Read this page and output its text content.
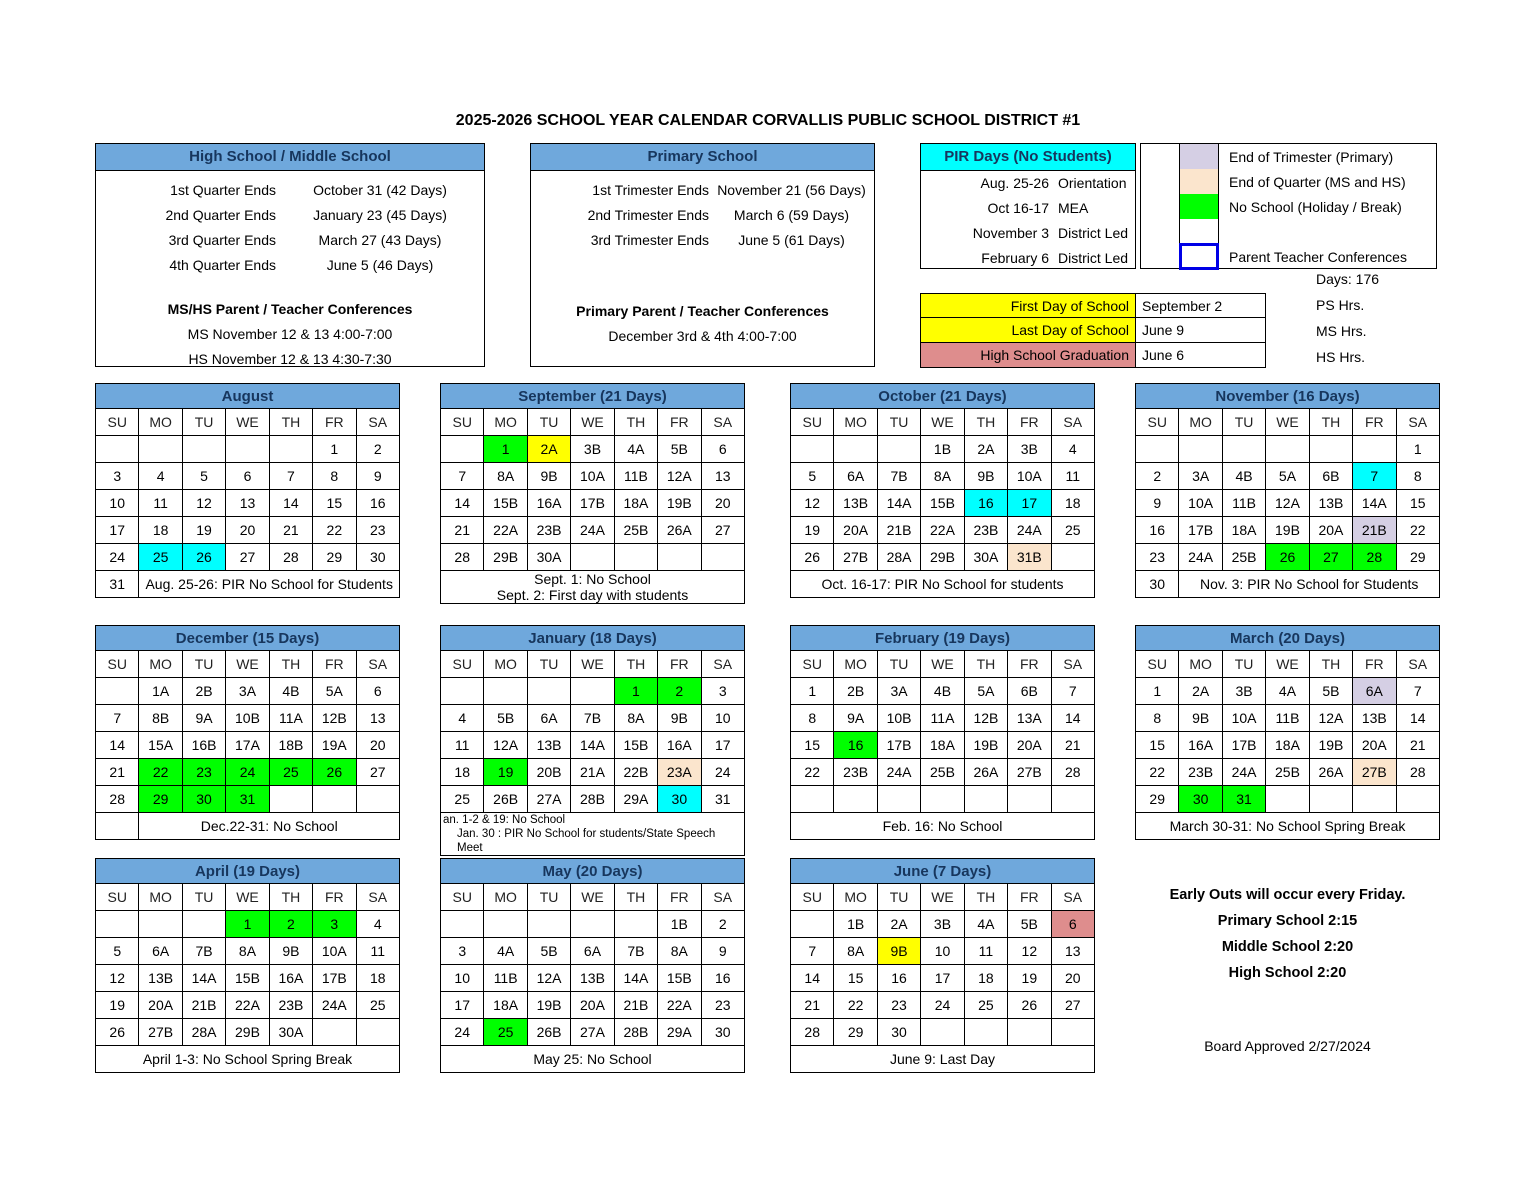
2025-2026 SCHOOL YEAR CALENDAR CORVALLIS PUBLIC SCHOOL DISTRICT #1
High School / Middle School
1st Quarter Ends	October 31 (42 Days)
2nd Quarter Ends	January 23 (45 Days)
3rd Quarter Ends	March 27 (43 Days)
4th Quarter Ends	June 5 (46 Days)
MS/HS Parent / Teacher Conferences
MS November 12 & 13 4:00-7:00
HS November 12 & 13 4:30-7:30
Primary School
1st Trimester Ends November 21 (56 Days)
2nd Trimester Ends	March 6 (59 Days)
3rd Trimester Ends	June 5 (61 Days)
Primary Parent / Teacher Conferences
December 3rd & 4th 4:00-7:00
PIR Days (No Students)
Aug. 25-26 Orientation
Oct 16-17 MEA
November 3 District Led
February 6 District Led
End of Trimester (Primary)
End of Quarter (MS and HS)
No School (Holiday / Break)
Parent Teacher Conferences
First Day of School September 2
Last Day of School June 9
High School Graduation June 6
Days: 176
PS Hrs.
MS Hrs.
HS Hrs.
Early Outs will occur every Friday.
Primary School 2:15
Middle School 2:20
High School 2:20
Board Approved 2/27/2024
August
SU	MO	TU	WE	TH	FR	SA
					1	2
3	4	5	6	7	8	9
10	11	12	13	14	15	16
17	18	19	20	21	22	23
24	25	26	27	28	29	30
31	Aug. 25-26: PIR No School for Students					
September (21 Days)
SU	MO	TU	WE	TH	FR	SA
	1	2A	3B	4A	5B	6
7	8A	9B	10A	11B	12A	13
14	15B	16A	17B	18A	19B	20
21	22A	23B	24A	25B	26A	27
28	29B	30A				

Sept. 1: No School
Sept. 2: First day with students						
October (21 Days)
SU	MO	TU	WE	TH	FR	SA
			1B	2A	3B	4
5	6A	7B	8A	9B	10A	11
12	13B	14A	15B	16	17	18
19	20A	21B	22A	23B	24A	25
26	27B	28A	29B	30A	31B	

Oct. 16-17: PIR No School for students						
November (16 Days)
SU	MO	TU	WE	TH	FR	SA
						1
2	3A	4B	5A	6B	7	8
9	10A	11B	12A	13B	14A	15
16	17B	18A	19B	20A	21B	22
23	24A	25B	26	27	28	29
30	Nov. 3: PIR No School for Students					
December (15 Days)
SU	MO	TU	WE	TH	FR	SA
	1A	2B	3A	4B	5A	6
7	8B	9A	10B	11A	12B	13
14	15A	16B	17A	18B	19A	20
21	22	23	24	25	26	27
28	29	30	31			

	Dec.22-31: No School					
January (18 Days)
SU	MO	TU	WE	TH	FR	SA
				1	2	3
4	5B	6A	7B	8A	9B	10
11	12A	13B	14A	15B	16A	17
18	19	20B	21A	22B	23A	24
25	26B	27A	28B	29A	30	31

an. 1-2 & 19: No School
Jan. 30 : PIR No School for students/State Speech Meet						
February (19 Days)
SU	MO	TU	WE	TH	FR	SA
1	2B	3A	4B	5A	6B	7
8	9A	10B	11A	12B	13A	14
15	16	17B	18A	19B	20A	21
22	23B	24A	25B	26A	27B	28

Feb. 16: No School						
March (20 Days)
SU	MO	TU	WE	TH	FR	SA
1	2A	3B	4A	5B	6A	7
8	9B	10A	11B	12A	13B	14
15	16A	17B	18A	19B	20A	21
22	23B	24A	25B	26A	27B	28
29	30	31				

March 30-31: No School Spring Break						
April (19 Days)
SU	MO	TU	WE	TH	FR	SA
			1	2	3	4
5	6A	7B	8A	9B	10A	11
12	13B	14A	15B	16A	17B	18
19	20A	21B	22A	23B	24A	25
26	27B	28A	29B	30A		

April 1-3: No School Spring Break						
May (20 Days)
SU	MO	TU	WE	TH	FR	SA
					1B	2
3	4A	5B	6A	7B	8A	9
10	11B	12A	13B	14A	15B	16
17	18A	19B	20A	21B	22A	23
24	25	26B	27A	28B	29A	30

May 25: No School						
June (7 Days)
SU	MO	TU	WE	TH	FR	SA
	1B	2A	3B	4A	5B	6
7	8A	9B	10	11	12	13
14	15	16	17	18	19	20
21	22	23	24	25	26	27
28	29	30				

June 9: Last Day						
